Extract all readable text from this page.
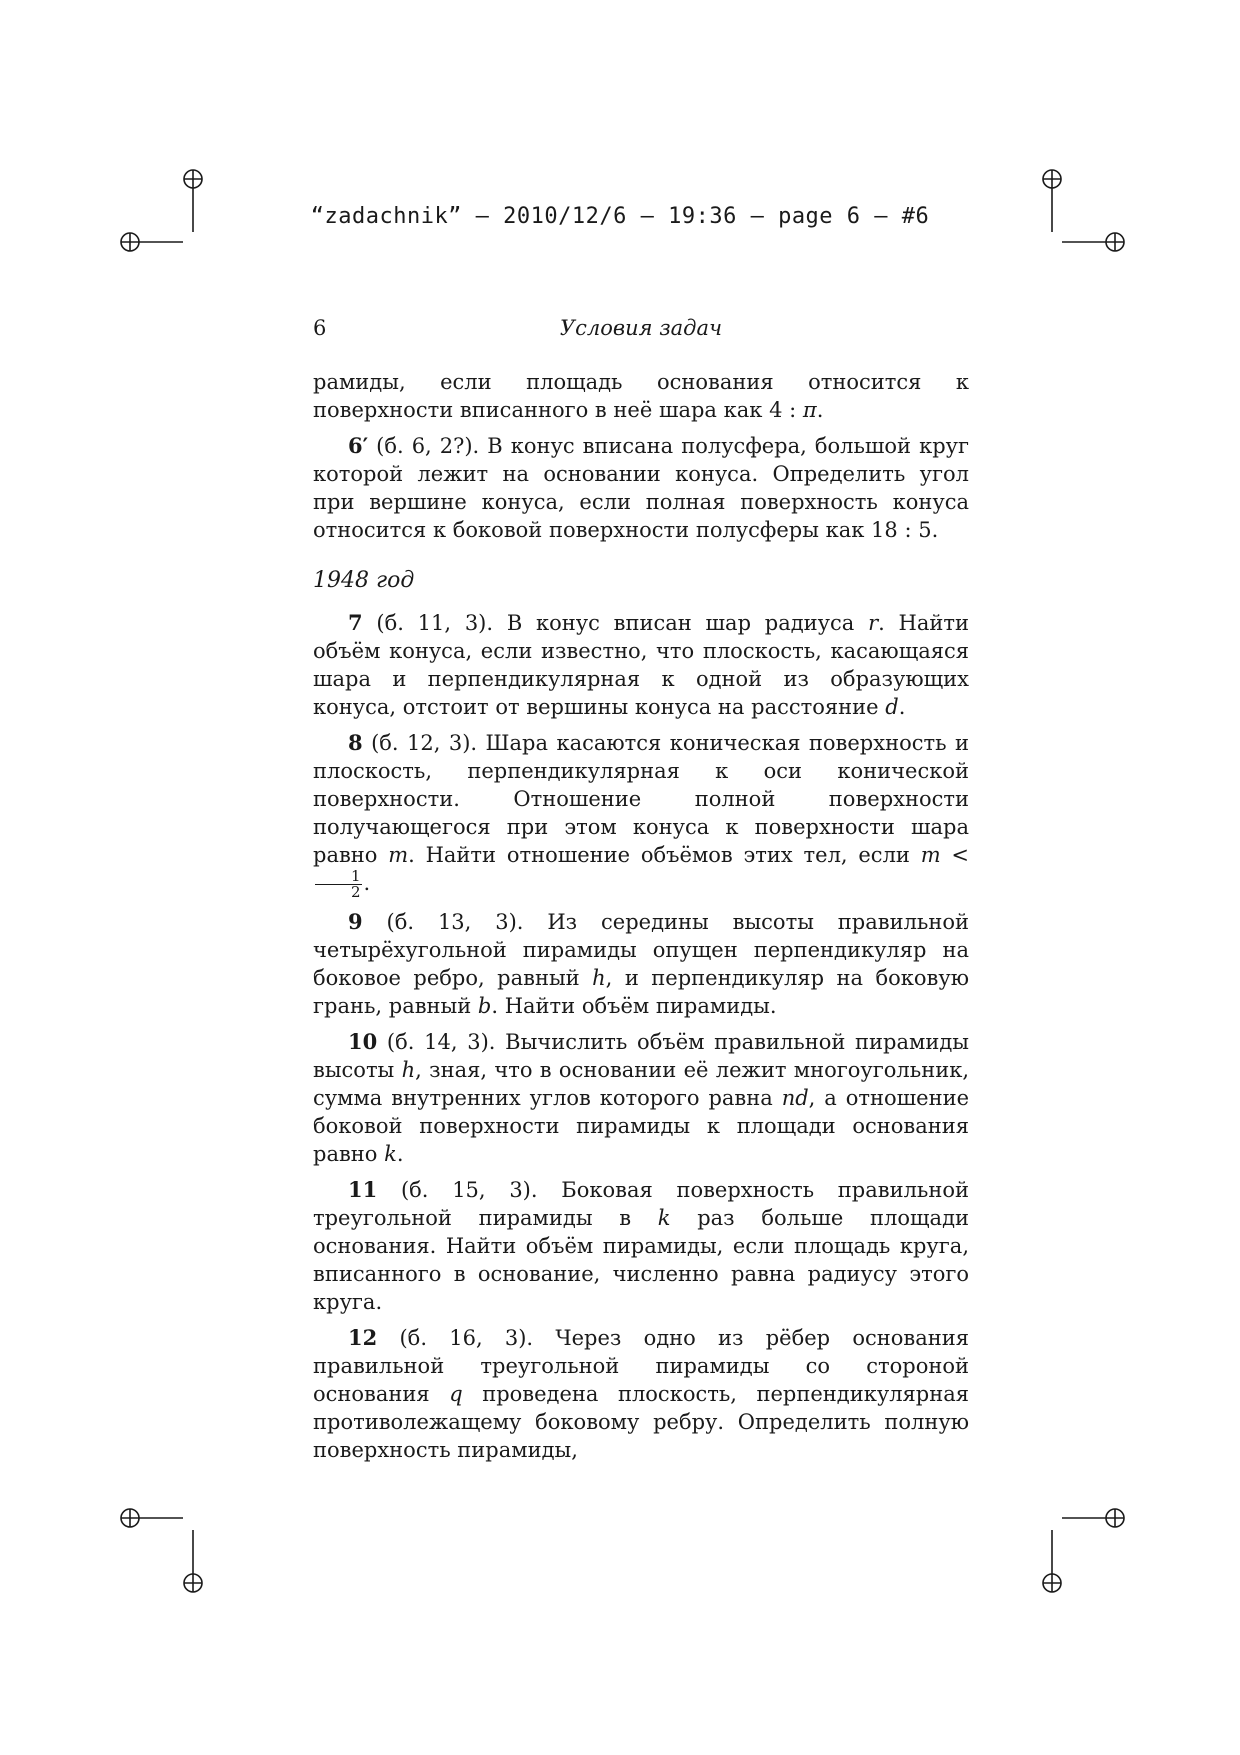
“zadachnik” — 2010/12/6 — 19:36 — page 6 — #6
6	Условия задач

рамиды, если площадь основания относится к поверхности вписанного в неё шара как 4 : π.

6′ (б. 6, 2?). В конус вписана полусфера, большой круг которой лежит на основании конуса. Определить угол при вершине конуса, если полная поверхность конуса относится к боковой поверхности полусферы как 18 : 5.

1948 год

7 (б. 11, 3). В конус вписан шар радиуса r. Найти объём конуса, если известно, что плоскость, касающаяся шара и перпендикулярная к одной из образующих конуса, отстоит от вершины конуса на расстояние d.

8 (б. 12, 3). Шара касаются коническая поверхность и плоскость, перпендикулярная к оси конической поверхности. Отношение полной поверхности получающегося при этом конуса к поверхности шара равно m. Найти отношение объёмов этих тел, если m <
$\frac{1}{2}$ .

9 (б. 13, 3). Из середины высоты правильной четырёхугольной пирамиды опущен перпендикуляр на боковое ребро, равный h, и перпендикуляр на боковую грань, равный b. Найти объём пирамиды.

10 (б. 14, 3). Вычислить объём правильной пирамиды высоты h, зная, что в основании её лежит многоугольник, сумма внутренних углов которого равна nd, а отношение боковой поверхности пирамиды к площади основания равно k.

11 (б. 15, 3). Боковая поверхность правильной треугольной пирамиды в k раз больше площади основания. Найти объём пирамиды, если площадь круга, вписанного в основание, численно равна радиусу этого круга.

12 (б. 16, 3). Через одно из рёбер основания правильной треугольной пирамиды со стороной основания q проведена плоскость, перпендикулярная противолежащему боковому ребру. Определить полную поверхность пирамиды,
